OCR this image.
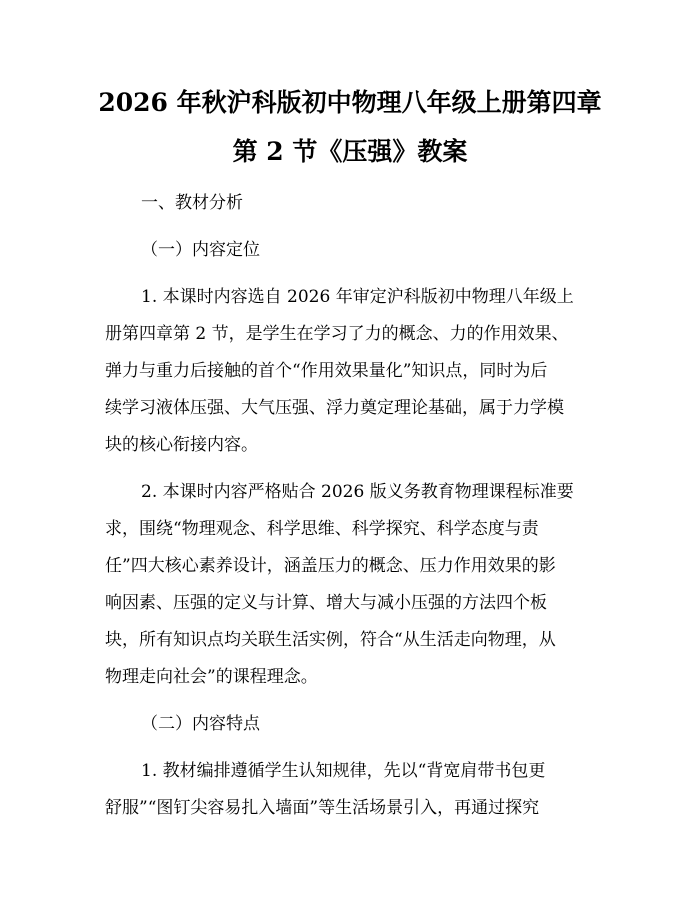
2026 年秋沪科版初中物理八年级上册第四章
第 2 节《压强》教案
一、教材分析
（一）内容定位
1. 本课时内容选自 2026 年审定沪科版初中物理八年级上
册第四章第 2 节，是学生在学习了力的概念、力的作用效果、
弹力与重力后接触的首个“作用效果量化”知识点，同时为后
续学习液体压强、大气压强、浮力奠定理论基础，属于力学模
块的核心衔接内容。
2. 本课时内容严格贴合 2026 版义务教育物理课程标准要
求，围绕“物理观念、科学思维、科学探究、科学态度与责
任”四大核心素养设计，涵盖压力的概念、压力作用效果的影
响因素、压强的定义与计算、增大与减小压强的方法四个板
块，所有知识点均关联生活实例，符合“从生活走向物理，从
物理走向社会”的课程理念。
（二）内容特点
1. 教材编排遵循学生认知规律，先以“背宽肩带书包更
舒服”“图钉尖容易扎入墙面”等生活场景引入，再通过探究
